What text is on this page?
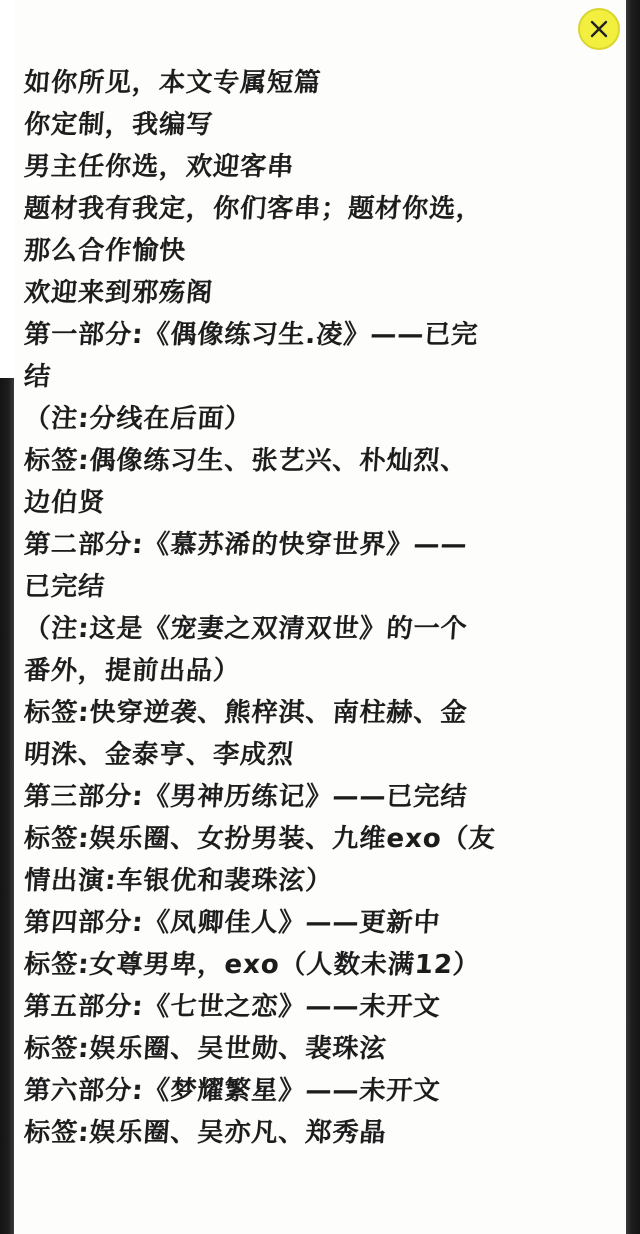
如你所见，本文专属短篇
你定制，我编写
男主任你选，欢迎客串
题材我有我定，你们客串；题材你选，
那么合作愉快
欢迎来到邪殇阁
第一部分:《偶像练习生.凌》——已完
结
（注:分线在后面）
标签:偶像练习生、张艺兴、朴灿烈、
边伯贤
第二部分:《慕苏浠的快穿世界》——
已完结
（注:这是《宠妻之双清双世》的一个
番外，提前出品）
标签:快穿逆袭、熊梓淇、南柱赫、金
明洙、金泰亨、李成烈
第三部分:《男神历练记》——已完结
标签:娱乐圈、女扮男装、九维exo（友
情出演:车银优和裴珠泫）
第四部分:《凤卿佳人》——更新中
标签:女尊男卑，exo（人数未满12）
第五部分:《七世之恋》——未开文
标签:娱乐圈、吴世勋、裴珠泫
第六部分:《梦耀繁星》——未开文
标签:娱乐圈、吴亦凡、郑秀晶
